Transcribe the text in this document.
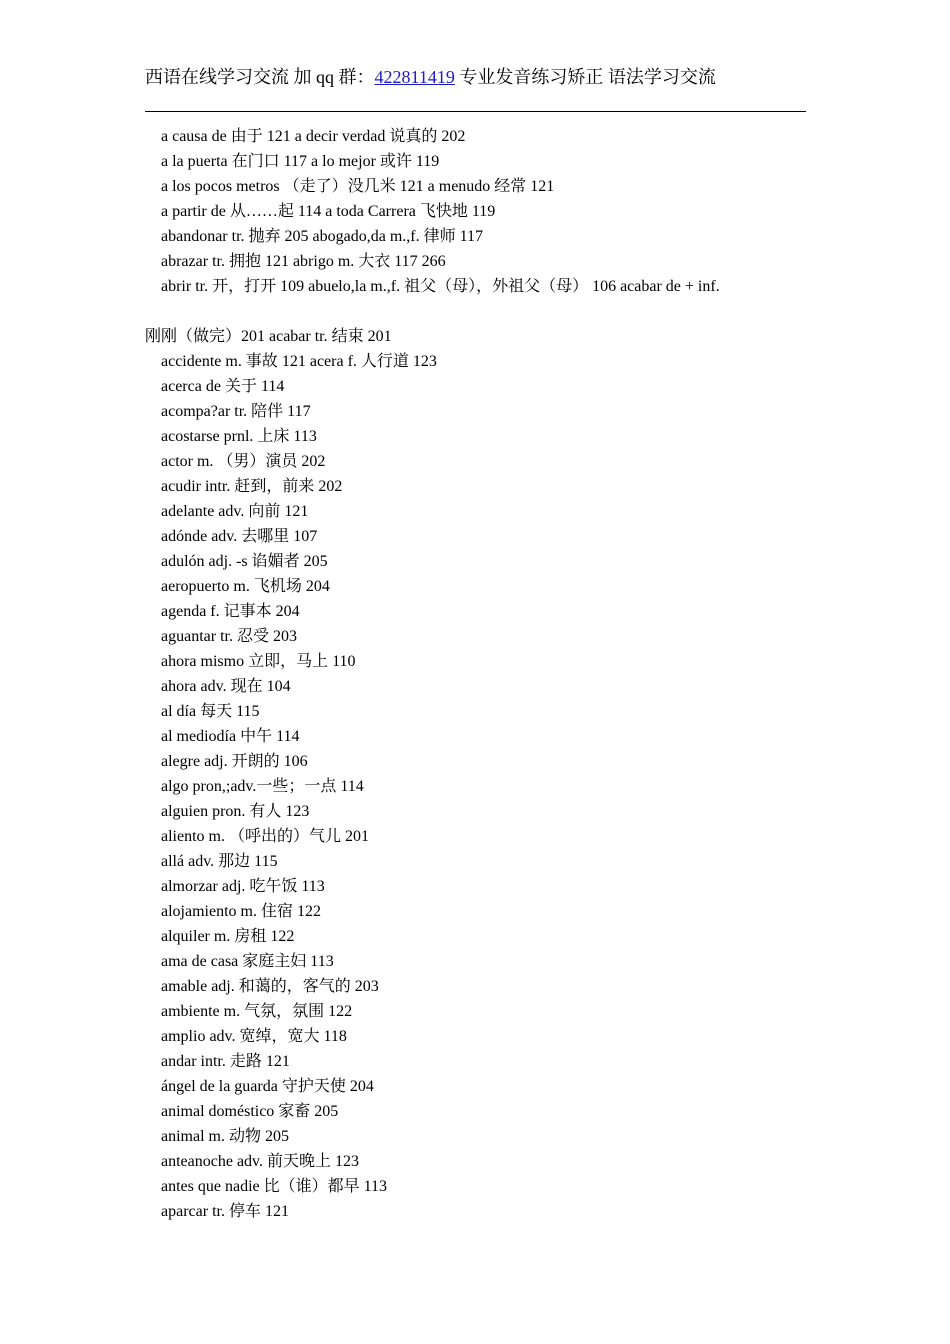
西语在线学习交流 加 qq 群：422811419 专业发音练习矫正 语法学习交流
a causa de 由于 121 a decir verdad 说真的 202
a la puerta 在门口 117 a lo mejor 或许 119
a los pocos metros （走了）没几米 121 a menudo 经常 121
a partir de 从……起 114 a toda Carrera 飞快地 119
abandonar tr. 抛弃 205 abogado,da m.,f. 律师 117
abrazar tr. 拥抱 121 abrigo m. 大衣 117 266
abrir tr. 开，打开 109 abuelo,la m.,f. 祖父（母），外祖父（母） 106 acabar de + inf.
刚刚（做完）201 acabar tr. 结束 201
accidente m. 事故 121 acera f. 人行道 123
acerca de 关于 114
acompa?ar tr. 陪伴 117
acostarse prnl. 上床 113
actor m. （男）演员 202
acudir intr. 赶到，前来 202
adelante adv. 向前 121
adónde adv. 去哪里 107
adulón adj. -s 谄媚者 205
aeropuerto m. 飞机场 204
agenda f. 记事本 204
aguantar tr. 忍受 203
ahora mismo 立即，马上 110
ahora adv. 现在 104
al día 每天 115
al mediodía 中午 114
alegre adj. 开朗的 106
algo pron,;adv.一些；一点 114
alguien pron. 有人 123
aliento m. （呼出的）气儿 201
allá adv. 那边 115
almorzar adj. 吃午饭 113
alojamiento m. 住宿 122
alquiler m. 房租 122
ama de casa 家庭主妇 113
amable adj. 和蔼的，客气的 203
ambiente m. 气氛，氛围 122
amplio adv. 宽绰，宽大 118
andar intr. 走路 121
ángel de la guarda 守护天使 204
animal doméstico 家畜 205
animal m. 动物 205
anteanoche adv. 前天晚上 123
antes que nadie 比（谁）都早 113
aparcar tr. 停车 121
